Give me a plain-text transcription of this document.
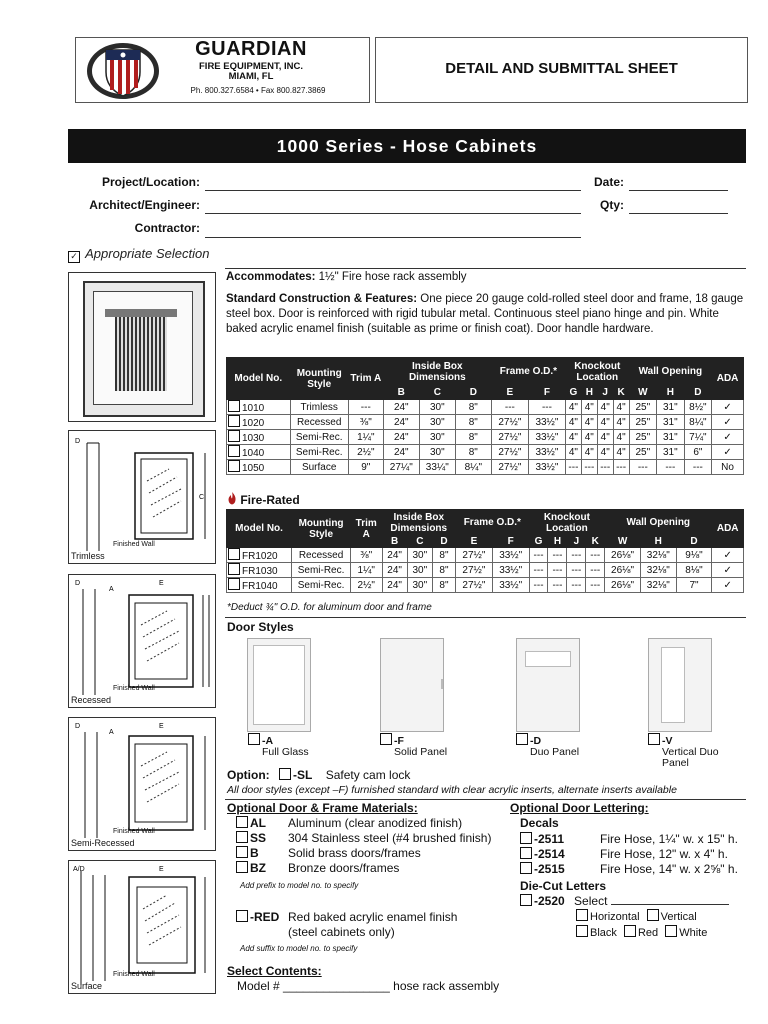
GUARDIAN
FIRE EQUIPMENT, INC.
MIAMI, FL
Ph. 800.327.6584 • Fax 800.827.3869
DETAIL AND SUBMITTAL SHEET
1000 Series - Hose Cabinets
Project/Location:
Architect/Engineer:
Contractor:
Date:
Qty:
✓ Appropriate Selection
C
D
Trimless
Finished Wall
D
A
E
Recessed
Finished Wall
D
A
E
Semi-Recessed
Finished Wall
A/D	E
Surface
Finished Wall
Accommodates: 1½" Fire hose rack assembly
Standard Construction & Features: One piece 20 gauge cold-rolled steel door and frame, 18 gauge steel box. Door is reinforced with rigid tubular metal. Continuous steel piano hinge and pin. White baked acrylic enamel finish (suitable as prime or finish coat). Door handle hardware.
Model No.	Mounting Style	Trim A	Inside Box Dimensions			Frame O.D.*		Knockout Location				Wall Opening			ADA
			B	C	D	E	F	G	H	J	K	W	H	D	
1010	Trimless	---	24"	30"	8"	---	---	4"	4"	4"	4"	25"	31"	8½"	✓
1020	Recessed	⅜"	24"	30"	8"	27½"	33½"	4"	4"	4"	4"	25"	31"	8¼"	✓
1030	Semi-Rec.	1¼"	24"	30"	8"	27½"	33½"	4"	4"	4"	4"	25"	31"	7¼"	✓
1040	Semi-Rec.	2½"	24"	30"	8"	27½"	33½"	4"	4"	4"	4"	25"	31"	6"	✓
1050	Surface	9"	27¼"	33¼"	8¼"	27½"	33½"	---	---	---	---	---	---	---	No
Fire-Rated
Model No.	Mounting Style	Trim A	Inside Box Dimensions			Frame O.D.*		Knockout Location				Wall Opening			ADA
			B	C	D	E	F	G	H	J	K	W	H	D	
FR1020	Recessed	⅜"	24"	30"	8"	27½"	33½"	---	---	---	---	26⅛"	32⅛"	9⅛"	✓
FR1030	Semi-Rec.	1¼"	24"	30"	8"	27½"	33½"	---	---	---	---	26⅛"	32⅛"	8⅛"	✓
FR1040	Semi-Rec.	2½"	24"	30"	8"	27½"	33½"	---	---	---	---	26⅛"	32⅛"	7"	✓
*Deduct ¾" O.D. for aluminum door and frame
Door Styles
-A
Full Glass
-F
Solid Panel
-D
Duo Panel
-V
Vertical Duo Panel
Option: -SL Safety cam lock
All door styles (except –F) furnished standard with clear acrylic inserts, alternate inserts available
Optional Door & Frame Materials:
AL Aluminum (clear anodized finish)
SS 304 Stainless steel (#4 brushed finish)
B Solid brass doors/frames
BZ Bronze doors/frames
Add prefix to model no. to specify
-RED Red baked acrylic enamel finish
(steel cabinets only)
Add suffix to model no. to specify
Optional Door Lettering:
Decals
-2511	Fire Hose, 1¼" w. x 15" h.
-2514	Fire Hose, 12" w. x 4" h.
-2515	Fire Hose, 14" w. x 2⅝" h.
Die-Cut Letters
-2520 Select
Horizontal Vertical
Black Red White
Select Contents:
Model # ________________ hose rack assembly
